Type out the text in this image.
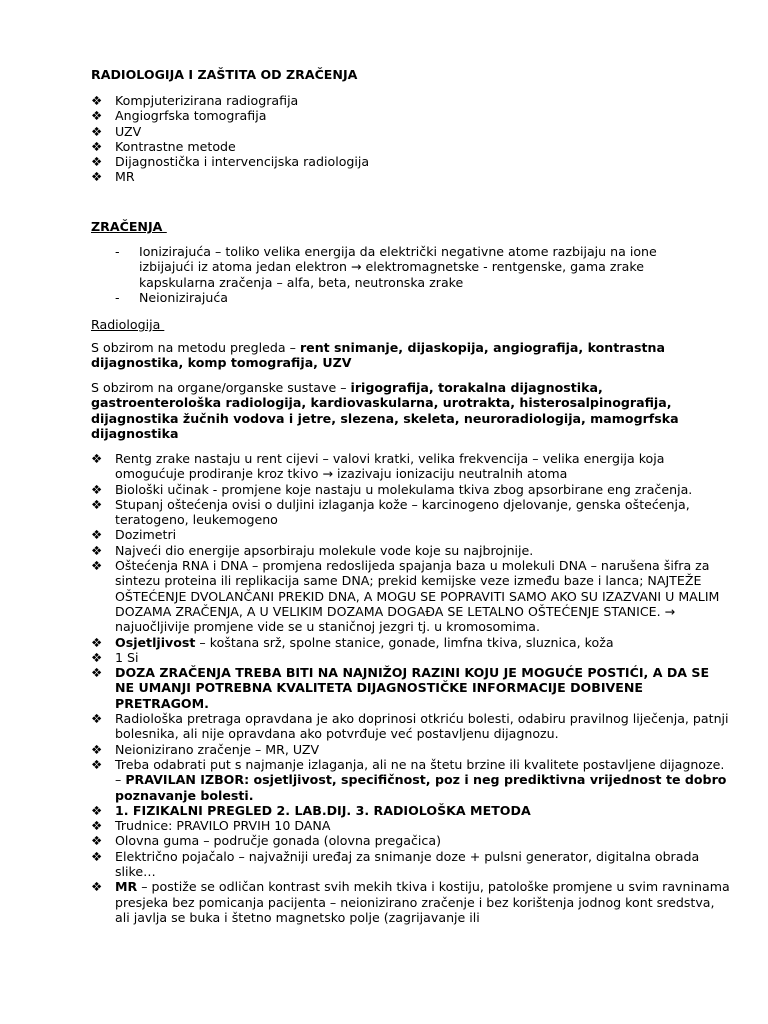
RADIOLOGIJA I ZAŠTITA OD ZRAČENJA
❖	Kompjuterizirana radiografija
❖	Angiogrfska tomografija
❖	UZV
❖	Kontrastne metode
❖	Dijagnostička i intervencijska radiologija
❖	MR
ZRAČENJA
- Ionizirajuća – toliko velika energija da električki negativne atome razbijaju na ione izbijajući iz atoma jedan elektron → elektromagnetske - rentgenske, gama zrake kapskularna zračenja – alfa, beta, neutronska zrake
- Neionizirajuća
Radiologija

S obzirom na metodu pregleda – rent snimanje, dijaskopija, angiografija, kontrastna dijagnostika, komp tomografija, UZV

S obzirom na organe/organske sustave – irigografija, torakalna dijagnostika, gastroenterološka radiologija, kardiovaskularna, urotrakta, histerosalpinografija, dijagnostika žučnih vodova i jetre, slezena, skeleta, neuroradiologija, mamogrfska dijagnostika

❖	Rentg zrake nastaju u rent cijevi – valovi kratki, velika frekvencija – velika energija koja omogućuje prodiranje kroz tkivo → izazivaju ionizaciju neutralnih atoma
❖	Biološki učinak - promjene koje nastaju u molekulama tkiva zbog apsorbirane eng zračenja.
❖	Stupanj oštećenja ovisi o duljini izlaganja kože – karcinogeno djelovanje, genska oštećenja, teratogeno, leukemogeno
❖	Dozimetri
❖	Najveći dio energije apsorbiraju molekule vode koje su najbrojnije.
❖	Oštećenja RNA i DNA – promjena redoslijeda spajanja baza u molekuli DNA – narušena šifra za sintezu proteina ili replikacija same DNA; prekid kemijske veze između baze i lanca; NAJTEŽE OŠTEĆENJE DVOLANČANI PREKID DNA, A MOGU SE POPRAVITI SAMO AKO SU IZAZVANI U MALIM DOZAMA ZRAČENJA, A U VELIKIM DOZAMA DOGAĐA SE LETALNO OŠTEĆENJE STANICE. → najuočljivije promjene vide se u staničnoj jezgri tj. u kromosomima.
❖	Osjetljivost – koštana srž, spolne stanice, gonade, limfna tkiva, sluznica, koža
❖	1 Si
❖	DOZA ZRAČENJA TREBA BITI NA NAJNIŽOJ RAZINI KOJU JE MOGUĆE POSTIĆI, A DA SE NE UMANJI POTREBNA KVALITETA DIJAGNOSTIČKE INFORMACIJE DOBIVENE PRETRAGOM.
❖	Radiološka pretraga opravdana je ako doprinosi otkriću bolesti, odabiru pravilnog liječenja, patnji bolesnika, ali nije opravdana ako potvrđuje već postavljenu dijagnozu.
❖	Neionizirano zračenje – MR, UZV
❖	Treba odabrati put s najmanje izlaganja, ali ne na štetu brzine ili kvalitete postavljene dijagnoze. – PRAVILAN IZBOR: osjetljivost, specifičnost, poz i neg prediktivna vrijednost te dobro poznavanje bolesti.
❖	1. FIZIKALNI PREGLED 2. LAB.DIJ. 3. RADIOLOŠKA METODA
❖	Trudnice: PRAVILO PRVIH 10 DANA
❖	Olovna guma – područje gonada (olovna pregačica)
❖	Električno pojačalo – najvažniji uređaj za snimanje doze + pulsni generator, digitalna obrada slike…
❖	MR – postiže se odličan kontrast svih mekih tkiva i kostiju, patološke promjene u svim ravninama presjeka bez pomicanja pacijenta – neionizirano zračenje i bez korištenja jodnog kont sredstva, ali javlja se buka i štetno magnetsko polje (zagrijavanje ili
